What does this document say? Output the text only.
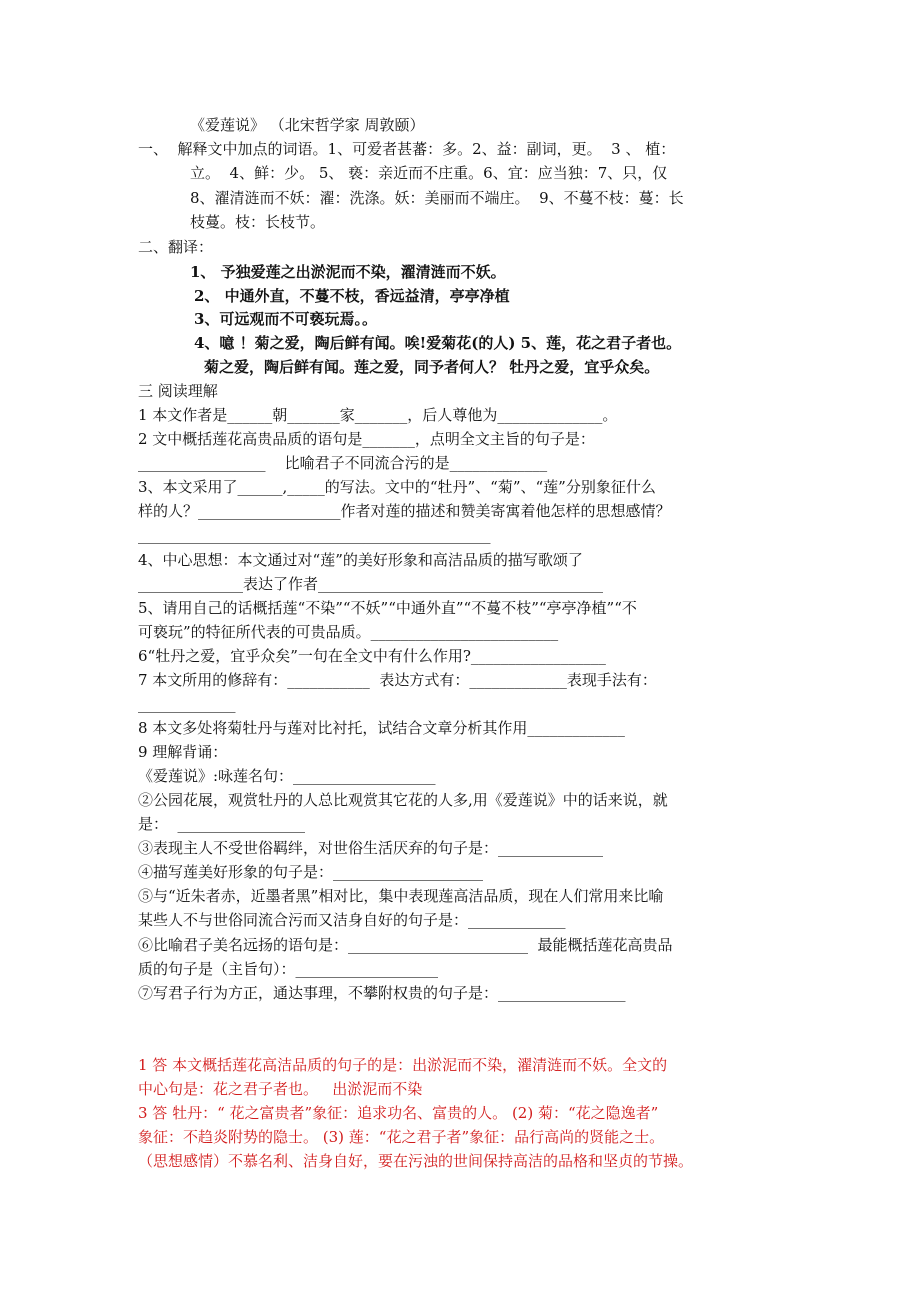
《爱莲说》 （北宋哲学家 周敦颐）
一、  解释文中加点的词语。1、可爱者甚蕃：多。2、益：副词，更。  3 、 植：
立。  4、鲜：少。 5、 亵：亲近而不庄重。6、宜：应当独：7、只，仅
8、濯清涟而不妖：濯：洗涤。妖：美丽而不端庄。  9、不蔓不枝：蔓：长
枝蔓。枝：长枝节。
二、翻译：
1、 予独爱莲之出淤泥而不染，濯清涟而不妖。
2、 中通外直，不蔓不枝，香远益清，亭亭净植
3、可远观而不可亵玩焉。。
4、噫 ！菊之爱，陶后鲜有闻。唉!爱菊花(的人) 5、莲，花之君子者也。
菊之爱，陶后鲜有闻。莲之爱，同予者何人？ 牡丹之爱，宜乎众矣。
三 阅读理解
1 本文作者是______朝_______家_______，后人尊他为______________。
2 文中概括莲花高贵品质的语句是_______，点明全文主旨的句子是：
_________________    比喻君子不同流合污的是_____________
3、本文采用了______,_____的写法。文中的“牡丹”、“菊”、“莲”分别象征什么
样的人？___________________作者对莲的描述和赞美寄寓着他怎样的思想感情？
_______________________________________________
4、中心思想：本文通过对“莲”的美好形象和高洁品质的描写歌颂了
______________表达了作者______________________________________
5、请用自己的话概括莲“不染”“不妖”“中通外直”“不蔓不枝”“亭亭净植”“不
可亵玩”的特征所代表的可贵品质。_________________________
6“牡丹之爱，宜乎众矣”一句在全文中有什么作用?__________________
7 本文所用的修辞有：___________  表达方式有：_____________表现手法有：
_____________
8 本文多处将菊牡丹与莲对比衬托，试结合文章分析其作用_____________
9 理解背诵：
《爱莲说》:咏莲名句：___________________
②公园花展，观赏牡丹的人总比观赏其它花的人多,用《爱莲说》中的话来说，就
是：  _________________
③表现主人不受世俗羁绊，对世俗生活厌弃的句子是：______________
④描写莲美好形象的句子是：____________________
⑤与“近朱者赤，近墨者黑”相对比，集中表现莲高洁品质，现在人们常用来比喻
某些人不与世俗同流合污而又洁身自好的句子是：_____________
⑥比喻君子美名远扬的语句是：________________________  最能概括莲花高贵品
质的句子是（主旨句）：___________________
⑦写君子行为方正，通达事理，不攀附权贵的句子是：_________________
1 答 本文概括莲花高洁品质的句子的是：出淤泥而不染，濯清涟而不妖。全文的
中心句是：花之君子者也。   出淤泥而不染
3 答 牡丹：“ 花之富贵者”象征：追求功名、富贵的人。 (2) 菊：“花之隐逸者”
象征：不趋炎附势的隐士。 (3) 莲：“花之君子者”象征：品行高尚的贤能之士。
（思想感情）不慕名利、洁身自好，要在污浊的世间保持高洁的品格和坚贞的节操。
